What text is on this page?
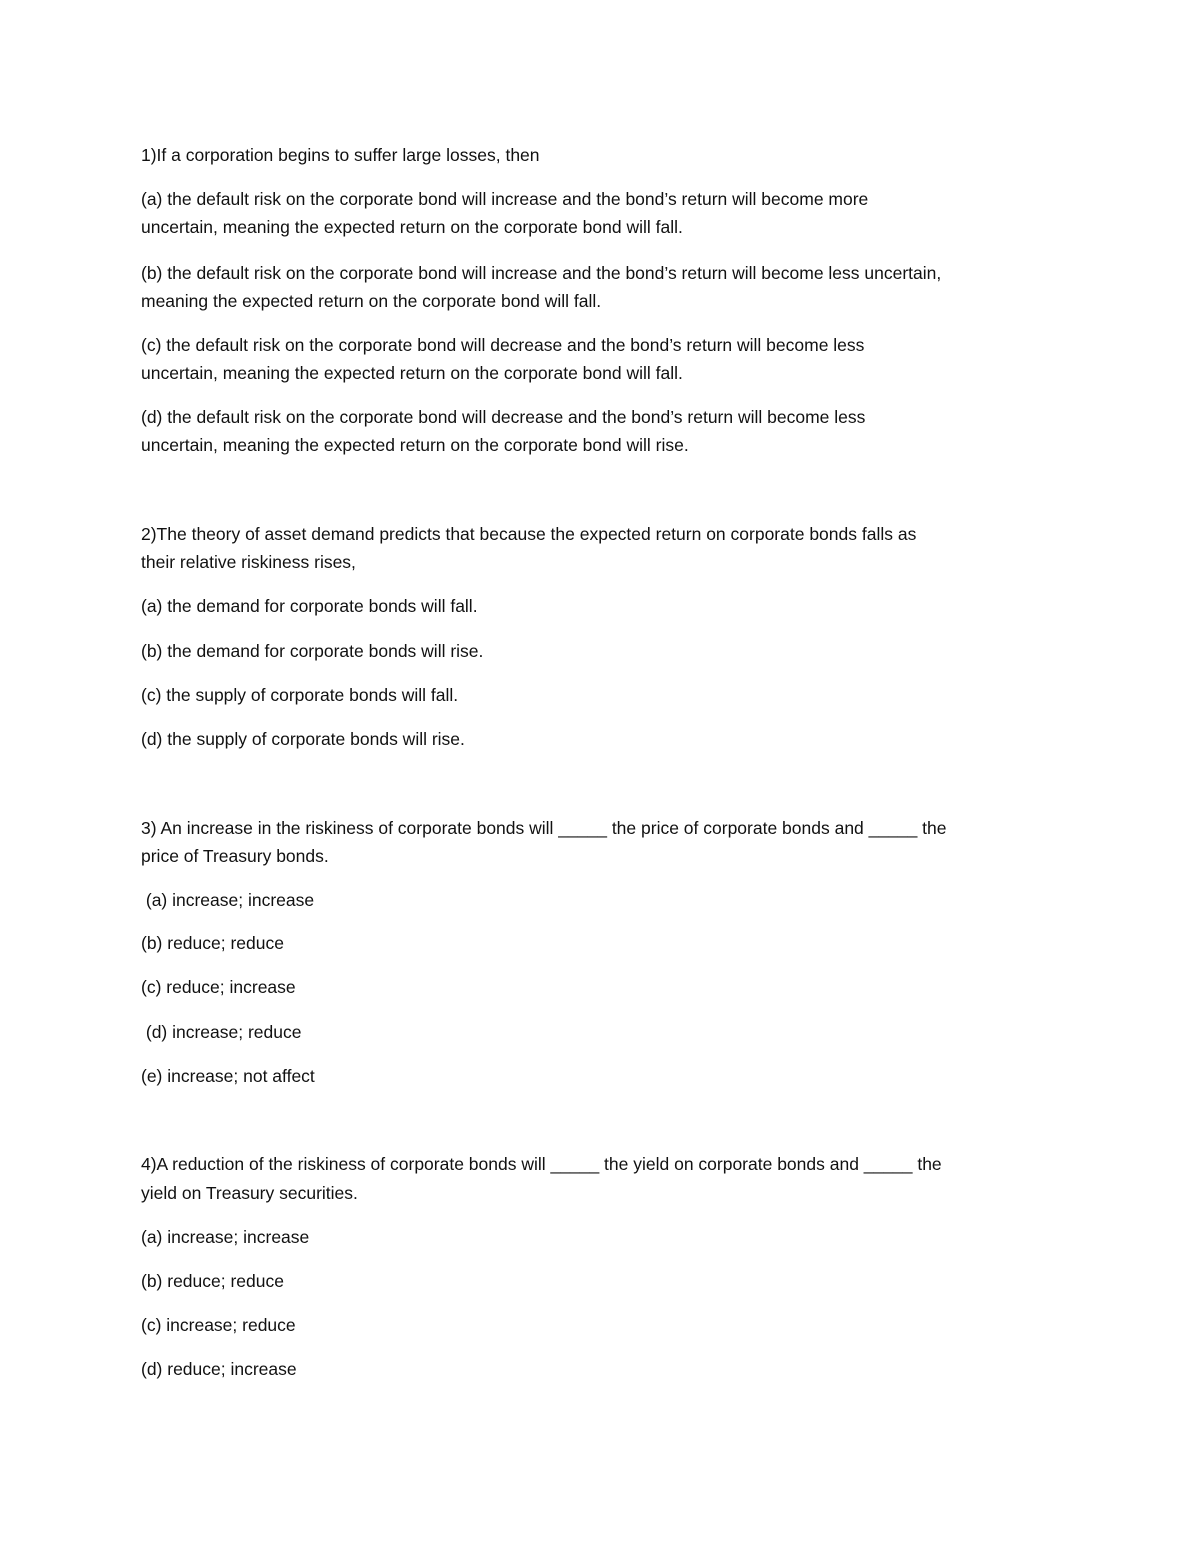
1)If a corporation begins to suffer large losses, then
(a) the default risk on the corporate bond will increase and the bond’s return will become more
uncertain, meaning the expected return on the corporate bond will fall.
(b) the default risk on the corporate bond will increase and the bond’s return will become less uncertain,
meaning the expected return on the corporate bond will fall.
(c) the default risk on the corporate bond will decrease and the bond’s return will become less
uncertain, meaning the expected return on the corporate bond will fall.
(d) the default risk on the corporate bond will decrease and the bond’s return will become less
uncertain, meaning the expected return on the corporate bond will rise.
2)The theory of asset demand predicts that because the expected return on corporate bonds falls as
their relative riskiness rises,
(a) the demand for corporate bonds will fall.
(b) the demand for corporate bonds will rise.
(c) the supply of corporate bonds will fall.
(d) the supply of corporate bonds will rise.
3) An increase in the riskiness of corporate bonds will _____ the price of corporate bonds and _____ the
price of Treasury bonds.
(a) increase; increase
(b) reduce; reduce
(c) reduce; increase
(d) increase; reduce
(e) increase; not affect
4)A reduction of the riskiness of corporate bonds will _____ the yield on corporate bonds and _____ the
yield on Treasury securities.
(a) increase; increase
(b) reduce; reduce
(c) increase; reduce
(d) reduce; increase
